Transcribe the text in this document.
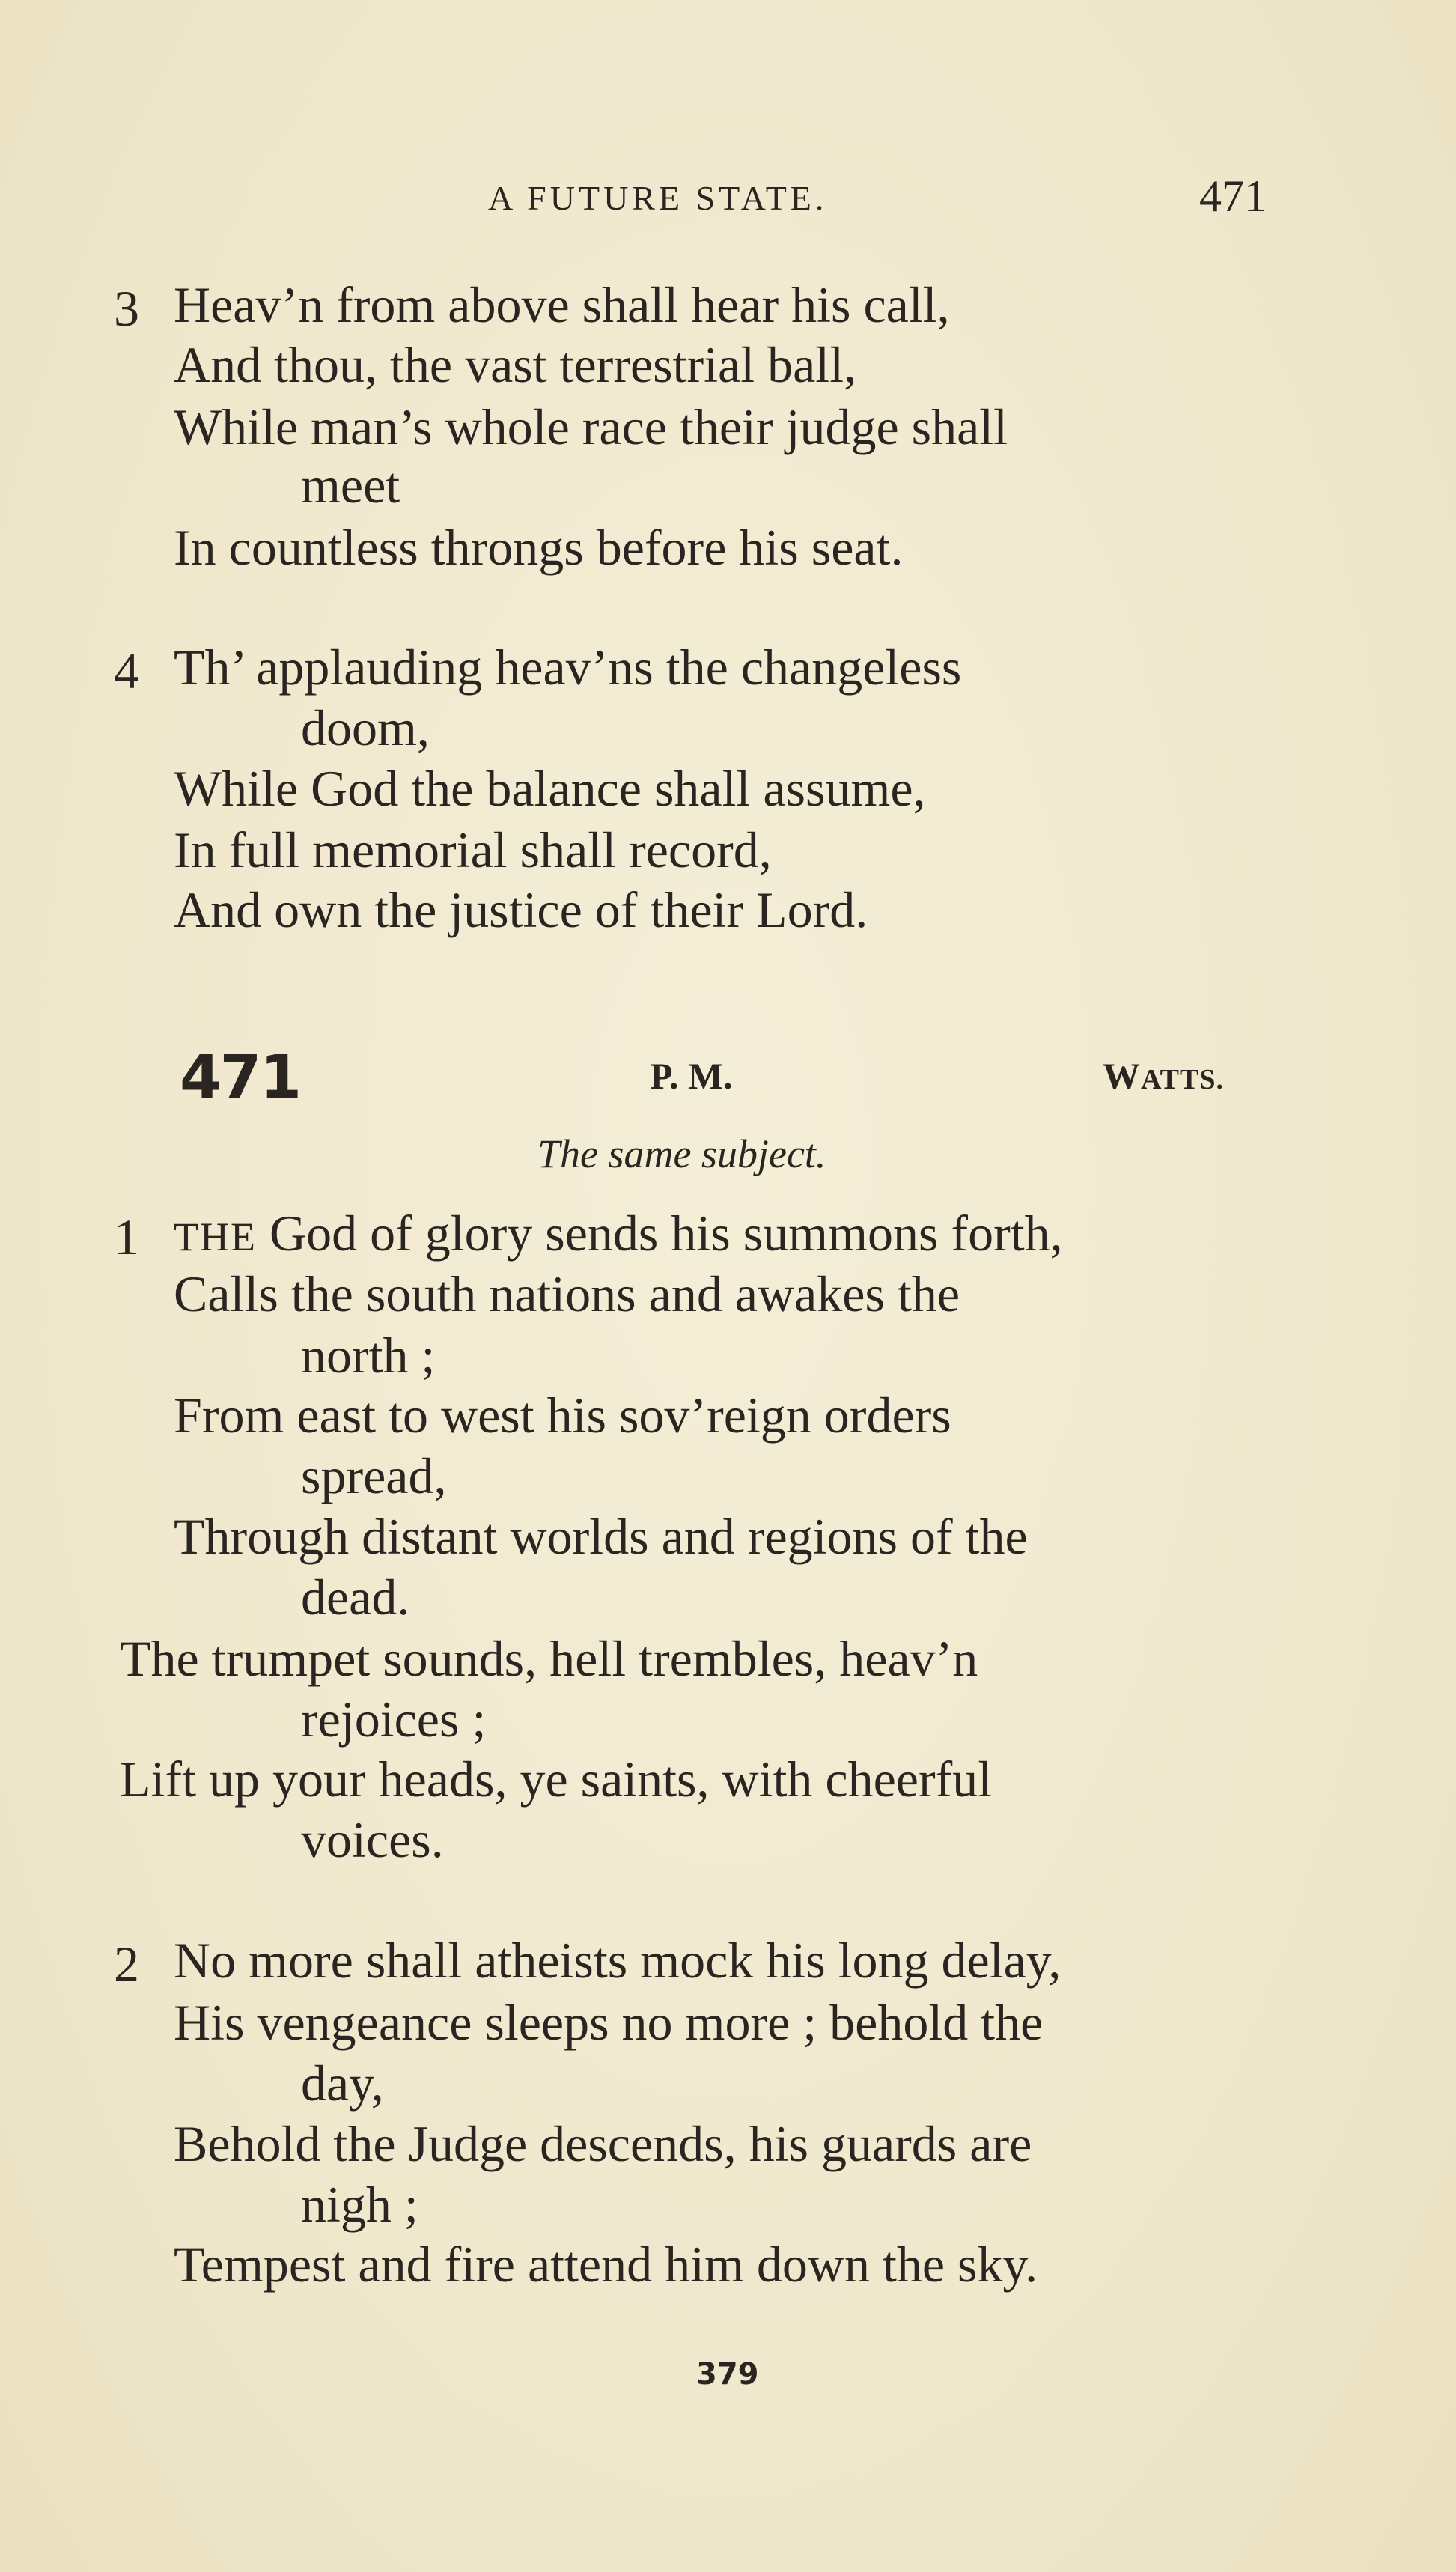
A FUTURE STATE.	471
3 Heav’n from above shall hear his call,
And thou, the vast terrestrial ball,
While man’s whole race their judge shall
meet
In countless throngs before his seat.
4 Th’ applauding heav’ns the changeless
doom,
While God the balance shall assume,
In full memorial shall record,
And own the justice of their Lord.
471	P. M.	WATTS.
The same subject.
1 THE God of glory sends his summons forth,
Calls the south nations and awakes the
north ;
From east to west his sov’reign orders
spread,
Through distant worlds and regions of the
dead.
The trumpet sounds, hell trembles, heav’n
rejoices ;
Lift up your heads, ye saints, with cheerful
voices.
2 No more shall atheists mock his long delay,
His vengeance sleeps no more ; behold the
day,
Behold the Judge descends, his guards are
nigh ;
Tempest and fire attend him down the sky.
379
